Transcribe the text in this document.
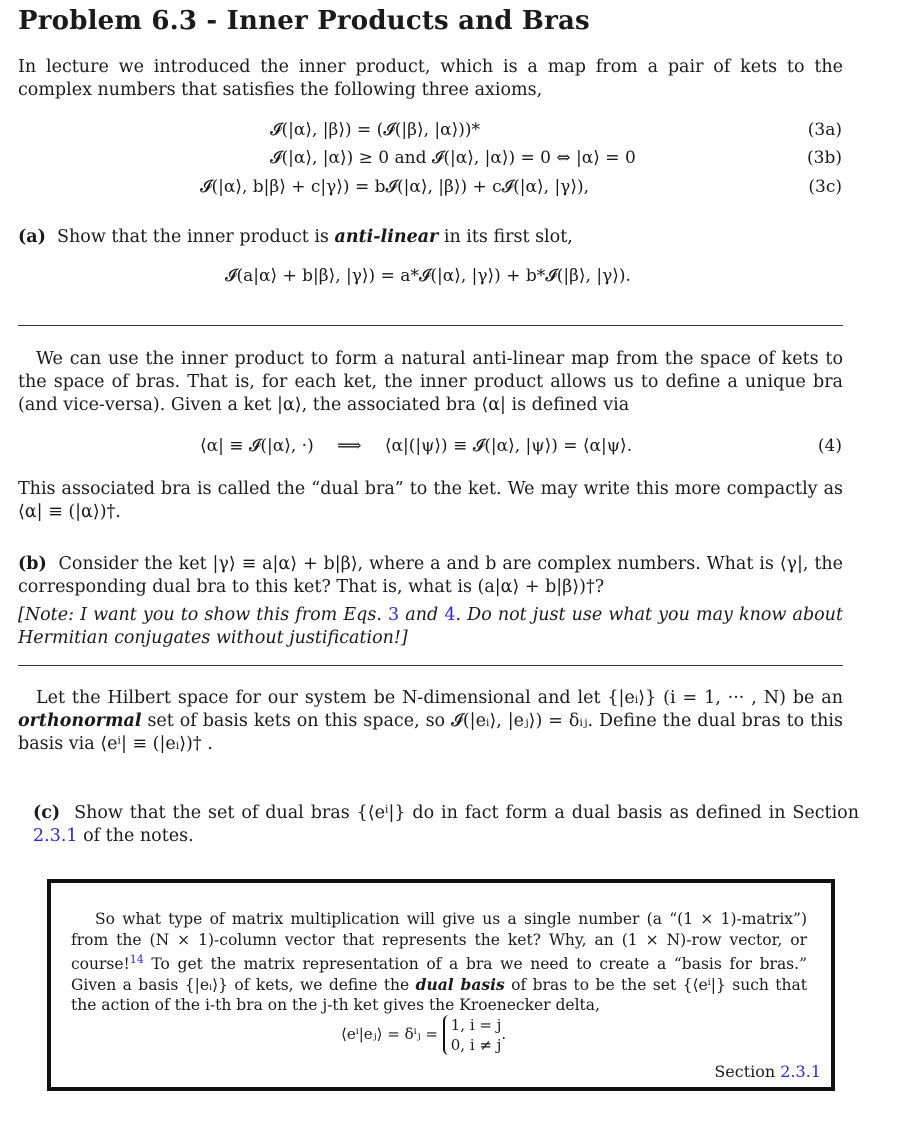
Problem 6.3 - Inner Products and Bras
In lecture we introduced the inner product, which is a map from a pair of kets to the complex numbers that satisfies the following three axioms,
𝓘(|α⟩, |β⟩) = (𝓘(|β⟩, |α⟩))*	(3a)
𝓘(|α⟩, |α⟩) ≥ 0 and 𝓘(|α⟩, |α⟩) = 0 ⇔ |α⟩ = 0	(3b)
𝓘(|α⟩, b|β⟩ + c|γ⟩) = b𝓘(|α⟩, |β⟩) + c𝓘(|α⟩, |γ⟩),	(3c)
(a) Show that the inner product is anti-linear in its first slot,
𝓘(a|α⟩ + b|β⟩, |γ⟩) = a*𝓘(|α⟩, |γ⟩) + b*𝓘(|β⟩, |γ⟩).
We can use the inner product to form a natural anti-linear map from the space of kets to the space of bras. That is, for each ket, the inner product allows us to define a unique bra (and vice-versa). Given a ket |α⟩, the associated bra ⟨α| is defined via
⟨α| ≡ 𝓘(|α⟩, ·) ⟹ ⟨α|(|ψ⟩) ≡ 𝓘(|α⟩, |ψ⟩) = ⟨α|ψ⟩.	(4)
This associated bra is called the “dual bra” to the ket. We may write this more compactly as ⟨α| ≡ (|α⟩)†.
(b) Consider the ket |γ⟩ ≡ a|α⟩ + b|β⟩, where a and b are complex numbers. What is ⟨γ|, the corresponding dual bra to this ket? That is, what is (a|α⟩ + b|β⟩)†?
[Note: I want you to show this from Eqs. 3 and 4. Do not just use what you may know about Hermitian conjugates without justification!]
Let the Hilbert space for our system be N-dimensional and let {|eᵢ⟩} (i = 1, ··· , N) be an orthonormal set of basis kets on this space, so 𝓘(|eᵢ⟩, |eⱼ⟩) = δᵢⱼ. Define the dual bras to this basis via ⟨eⁱ| ≡ (|eᵢ⟩)† .
(c) Show that the set of dual bras {⟨eⁱ|} do in fact form a dual basis as defined in Section 2.3.1 of the notes.
So what type of matrix multiplication will give us a single number (a “(1 × 1)-matrix”) from the (N × 1)-column vector that represents the ket? Why, an (1 × N)-row vector, or course!$^{14}$ To get the matrix representation of a bra we need to create a “basis for bras.” Given a basis {|eᵢ⟩} of kets, we define the dual basis of bras to be the set {⟨eⁱ|} such that the action of the i-th bra on the j-th ket gives the Kroenecker delta,
⟨eⁱ|eⱼ⟩ = δⁱⱼ = 1, i = j
0, i ≠ j
.
Section 2.3.1
